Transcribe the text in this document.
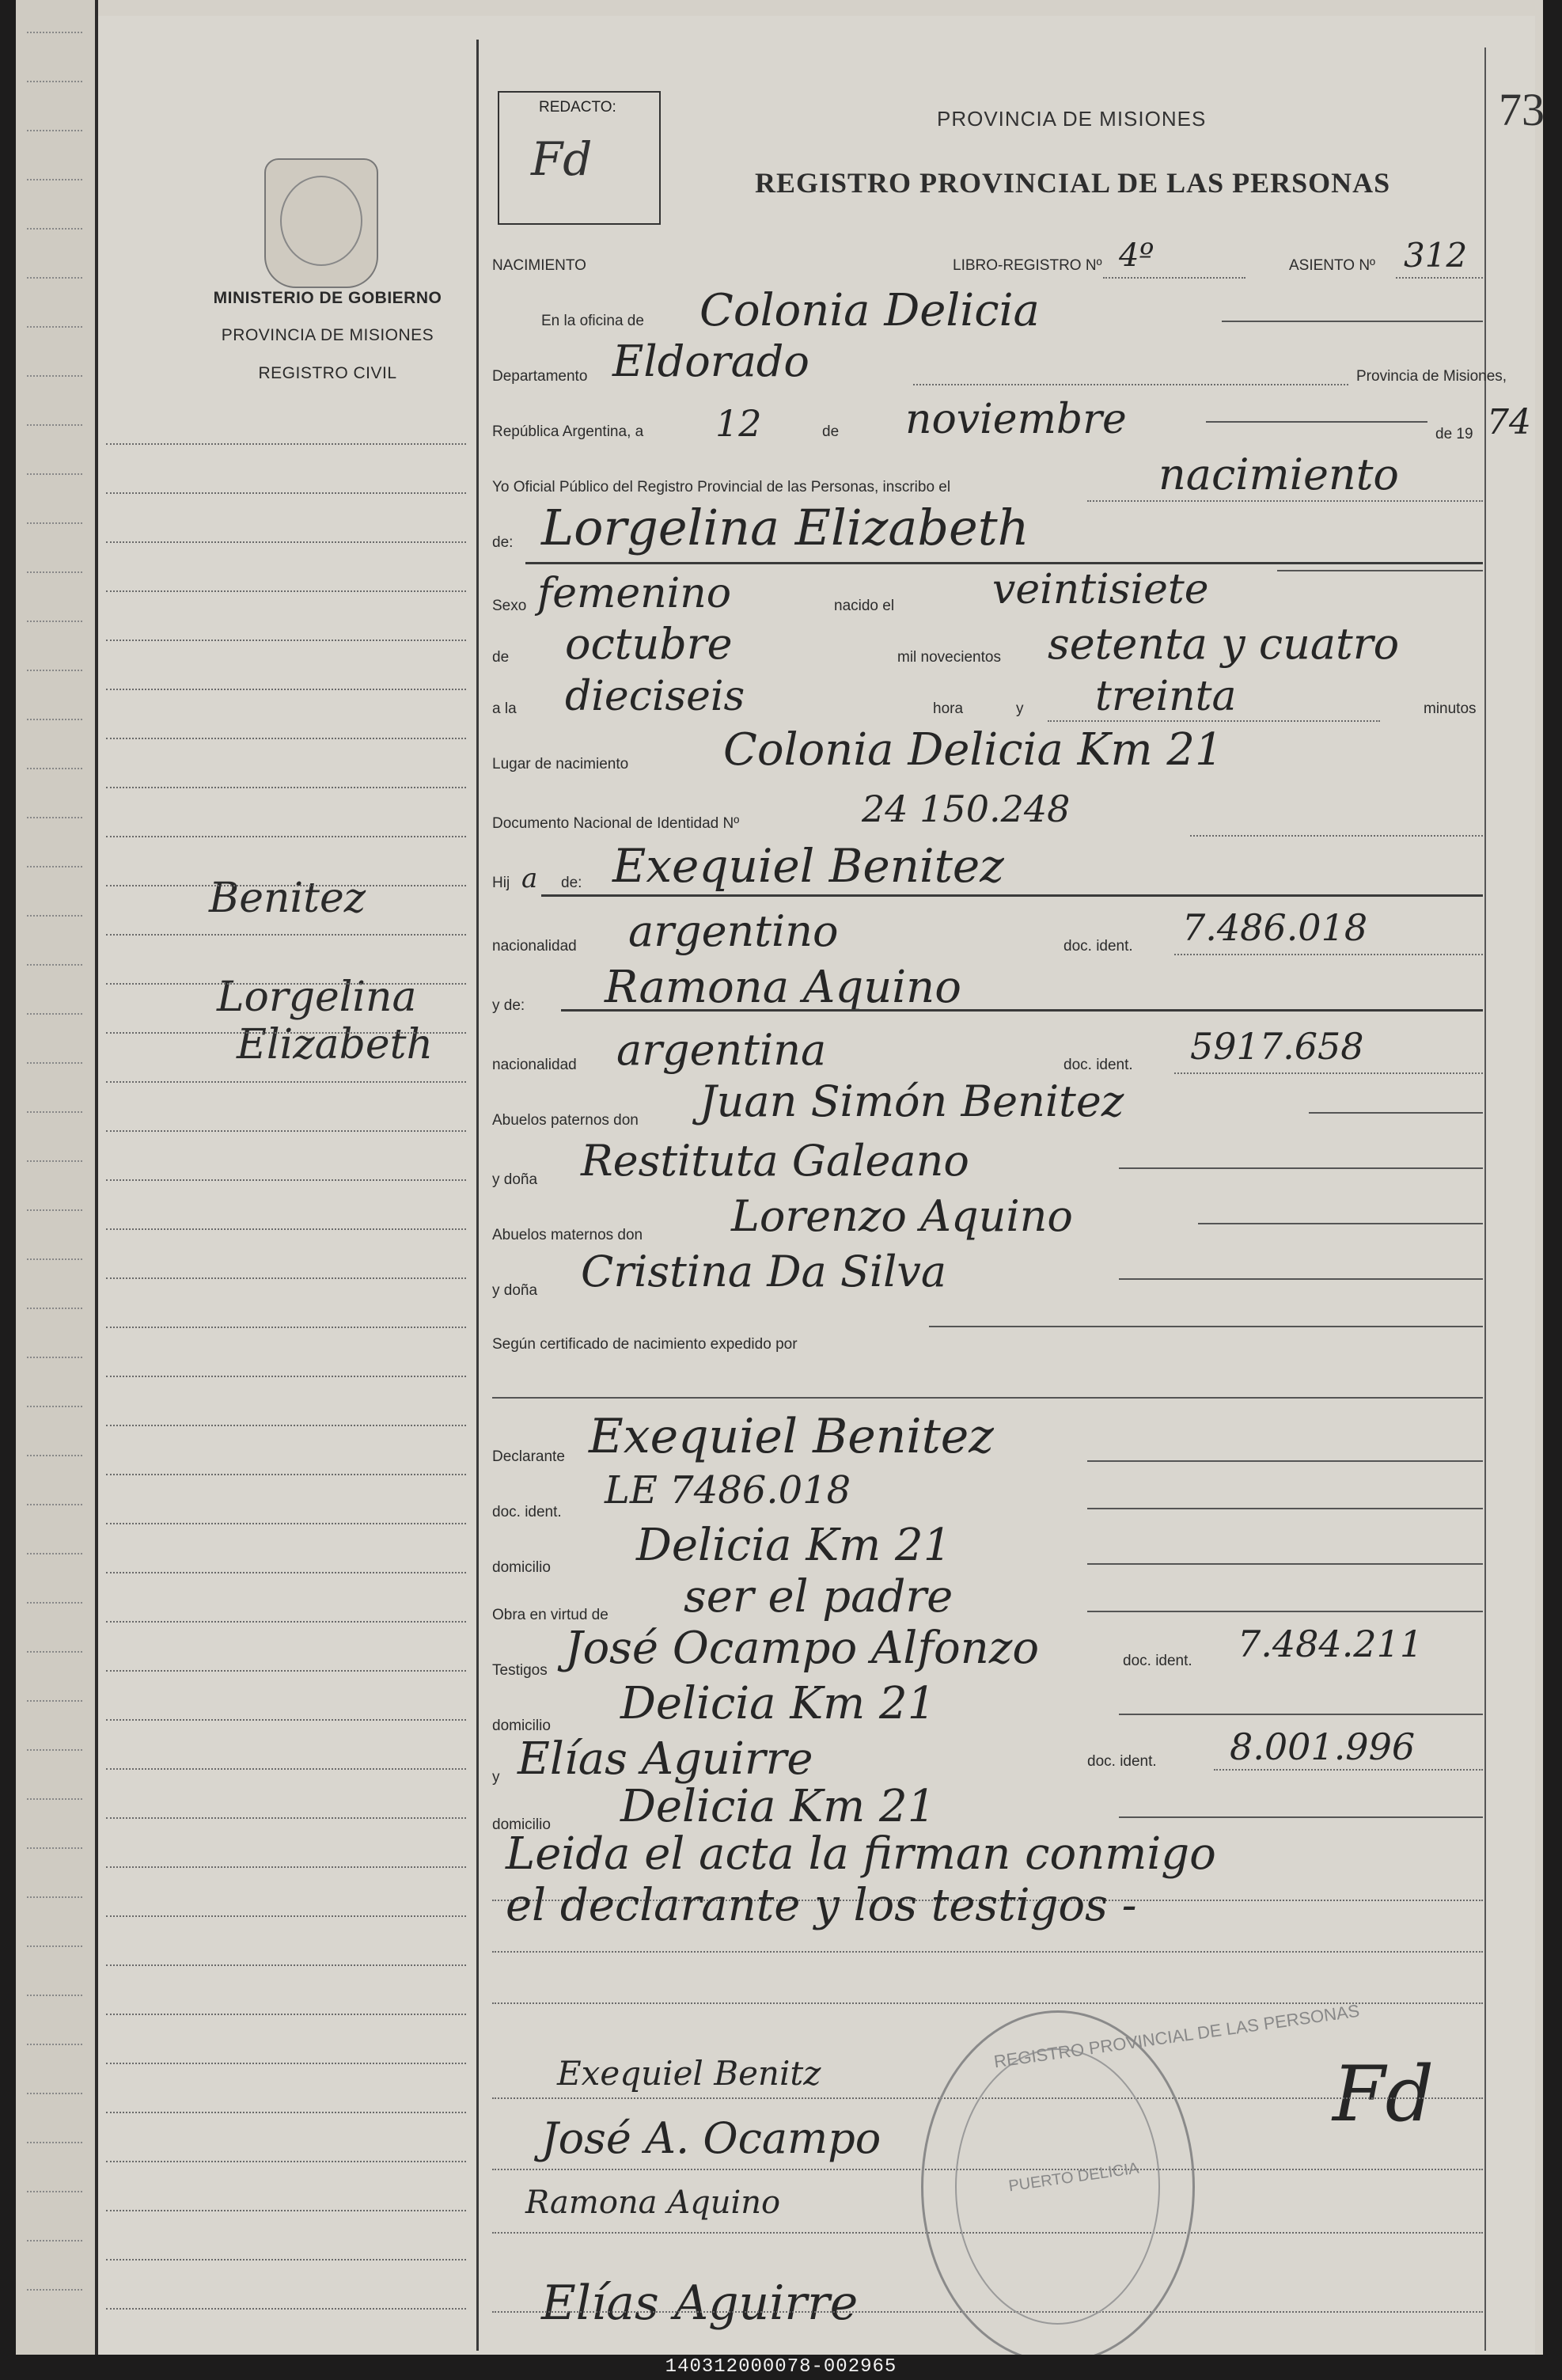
MINISTERIO DE GOBIERNO
PROVINCIA DE MISIONES
REGISTRO CIVIL
Benitez
Lorgelina
Elizabeth
REDACTO:
Fd
73
PROVINCIA DE MISIONES
REGISTRO PROVINCIAL DE LAS PERSONAS
NACIMIENTO	LIBRO-REGISTRO Nº 4º	ASIENTO Nº 312
En la oficina de Colonia Delicia
Departamento Eldorado	Provincia de Misiones,
República Argentina, a 12	de noviembre	de 19 74
Yo Oficial Público del Registro Provincial de las Personas, inscribo el	nacimiento
de: Lorgelina Elizabeth
Sexo femenino	nacido el veintisiete
de octubre	mil novecientos setenta y cuatro
a la dieciseis	hora	y treinta	minutos
Lugar de nacimiento Colonia Delicia Km 21
Documento Nacional de Identidad Nº	24 150.248
Hij a de: Exequiel Benitez
nacionalidad argentino	doc. ident. 7.486.018
y de: Ramona Aquino
nacionalidad argentina	doc. ident. 5917.658
Abuelos paternos don Juan Simón Benitez
y doña Restituta Galeano
Abuelos maternos don Lorenzo Aquino
y doña Cristina Da Silva
Según certificado de nacimiento expedido por
Declarante Exequiel Benitez
doc. ident. LE 7486.018
domicilio Delicia Km 21
Obra en virtud de ser el padre
Testigos José Ocampo Alfonzo	doc. ident. 7.484.211
domicilio Delicia Km 21
y Elías Aguirre	doc. ident. 8.001.996
domicilio Delicia Km 21
Leida el acta la firman conmigo
el declarante y los testigos -
Exequiel Benitz
José A. Ocampo
Ramona Aquino
Elías Aguirre
Fd
REGISTRO PROVINCIAL DE LAS PERSONAS
PUERTO DELICIA
140312000078-002965
